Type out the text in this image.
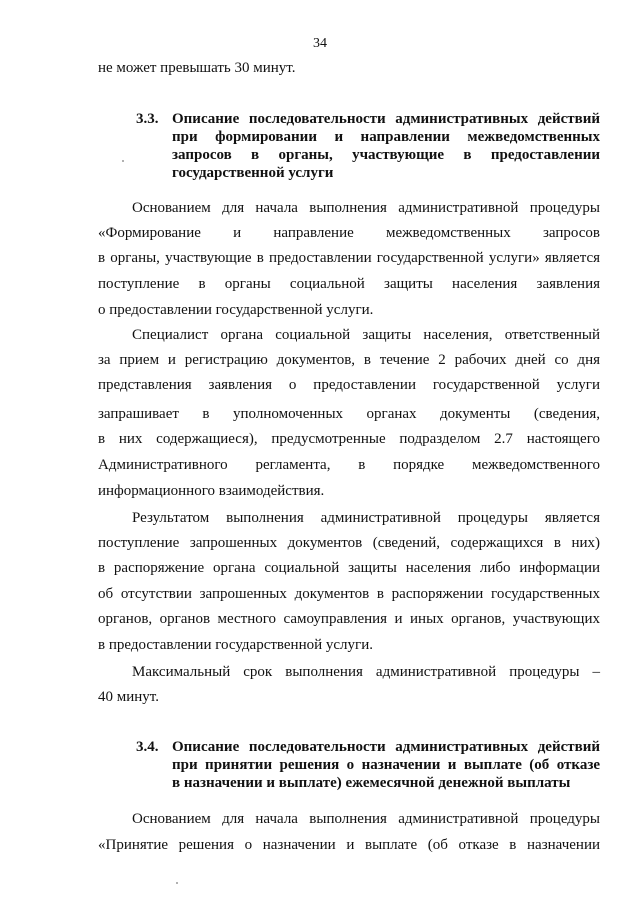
34
не может превышать 30 минут.
3.3. Описание последовательности административных действий
при формировании и направлении межведомственных
запросов в органы, участвующие в предоставлении
государственной услуги
Основанием для начала выполнения административной процедуры
«Формирование и направление межведомственных запросов
в органы, участвующие в предоставлении государственной услуги» является
поступление в органы социальной защиты населения заявления
о предоставлении государственной услуги.
Специалист органа социальной защиты населения, ответственный
за прием и регистрацию документов, в течение 2 рабочих дней со дня
представления заявления о предоставлении государственной услуги
запрашивает в уполномоченных органах документы (сведения,
в них содержащиеся), предусмотренные подразделом 2.7 настоящего
Административного регламента, в порядке межведомственного
информационного взаимодействия.
Результатом выполнения административной процедуры является
поступление запрошенных документов (сведений, содержащихся в них)
в распоряжение органа социальной защиты населения либо информации
об отсутствии запрошенных документов в распоряжении государственных
органов, органов местного самоуправления и иных органов, участвующих
в предоставлении государственной услуги.
Максимальный срок выполнения административной процедуры –
40 минут.
3.4. Описание последовательности административных действий
при принятии решения о назначении и выплате (об отказе
в назначении и выплате) ежемесячной денежной выплаты
Основанием для начала выполнения административной процедуры
«Принятие решения о назначении и выплате (об отказе в назначении
